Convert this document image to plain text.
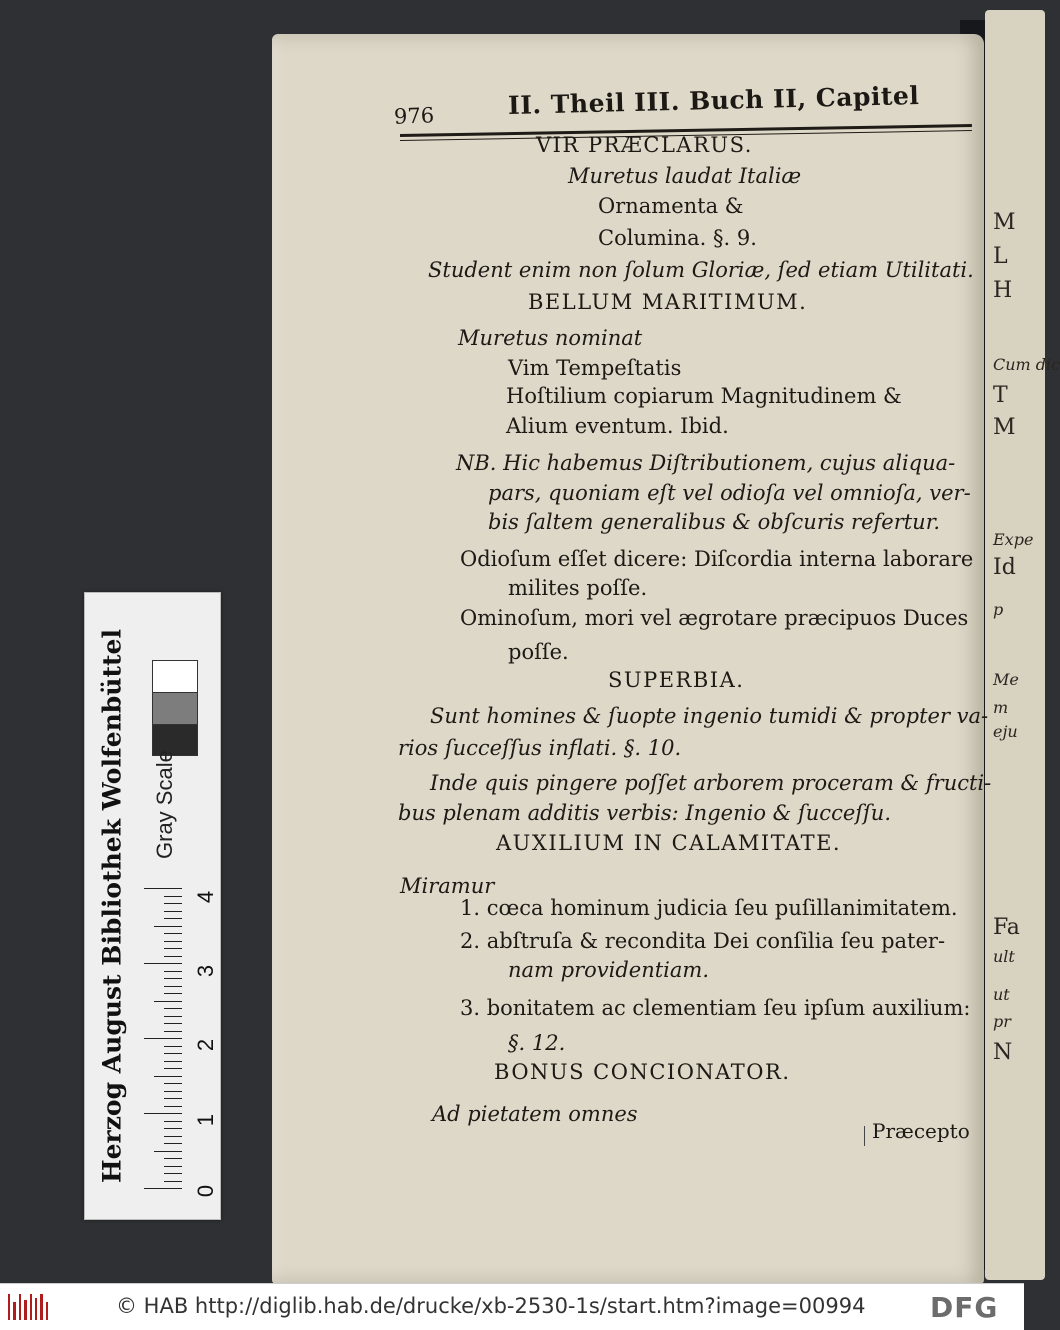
M
L
H
Cum dic
T
M
Expe
Id
p
Me
m
eju
Fa
ult
ut
pr
N
976	II. Theil III. Buch II, Capitel
VIR PRÆCLARUS.
Muretus laudat Italiæ
Ornamenta &
Columina. §. 9.
Student enim non ſolum Gloriæ, ſed etiam Utilitati.
BELLUM MARITIMUM.
Muretus nominat
Vim Tempeſtatis
Hoſtilium copiarum Magnitudinem &
Alium eventum. Ibid.
NB. Hic habemus Diſtributionem, cujus aliqua-
pars, quoniam eſt vel odioſa vel omnioſa, ver-
bis ſaltem generalibus & obſcuris refertur.
Odioſum eſſet dicere: Diſcordia interna laborare
milites poſſe.
Ominoſum, mori vel ægrotare præcipuos Duces
poſſe.
SUPERBIA.
Sunt homines & ſuopte ingenio tumidi & propter va-
rios ſucceſſus inflati. §. 10.
Inde quis pingere poſſet arborem proceram & fructi-
bus plenam additis verbis: Ingenio & ſucceſſu.
AUXILIUM IN CALAMITATE.
Miramur
1. cœca hominum judicia ſeu puſillanimitatem.
2. abſtruſa & recondita Dei conſilia ſeu pater-
nam providentiam.
3. bonitatem ac clementiam ſeu ipſum auxilium:
§. 12.
BONUS CONCIONATOR.
Ad pietatem omnes
Præcepto
Herzog August Bibliothek Wolfenbüttel	Gray Scale
0
1
2
3
4
© HAB http://diglib.hab.de/drucke/xb-2530-1s/start.htm?image=00994 DFG
